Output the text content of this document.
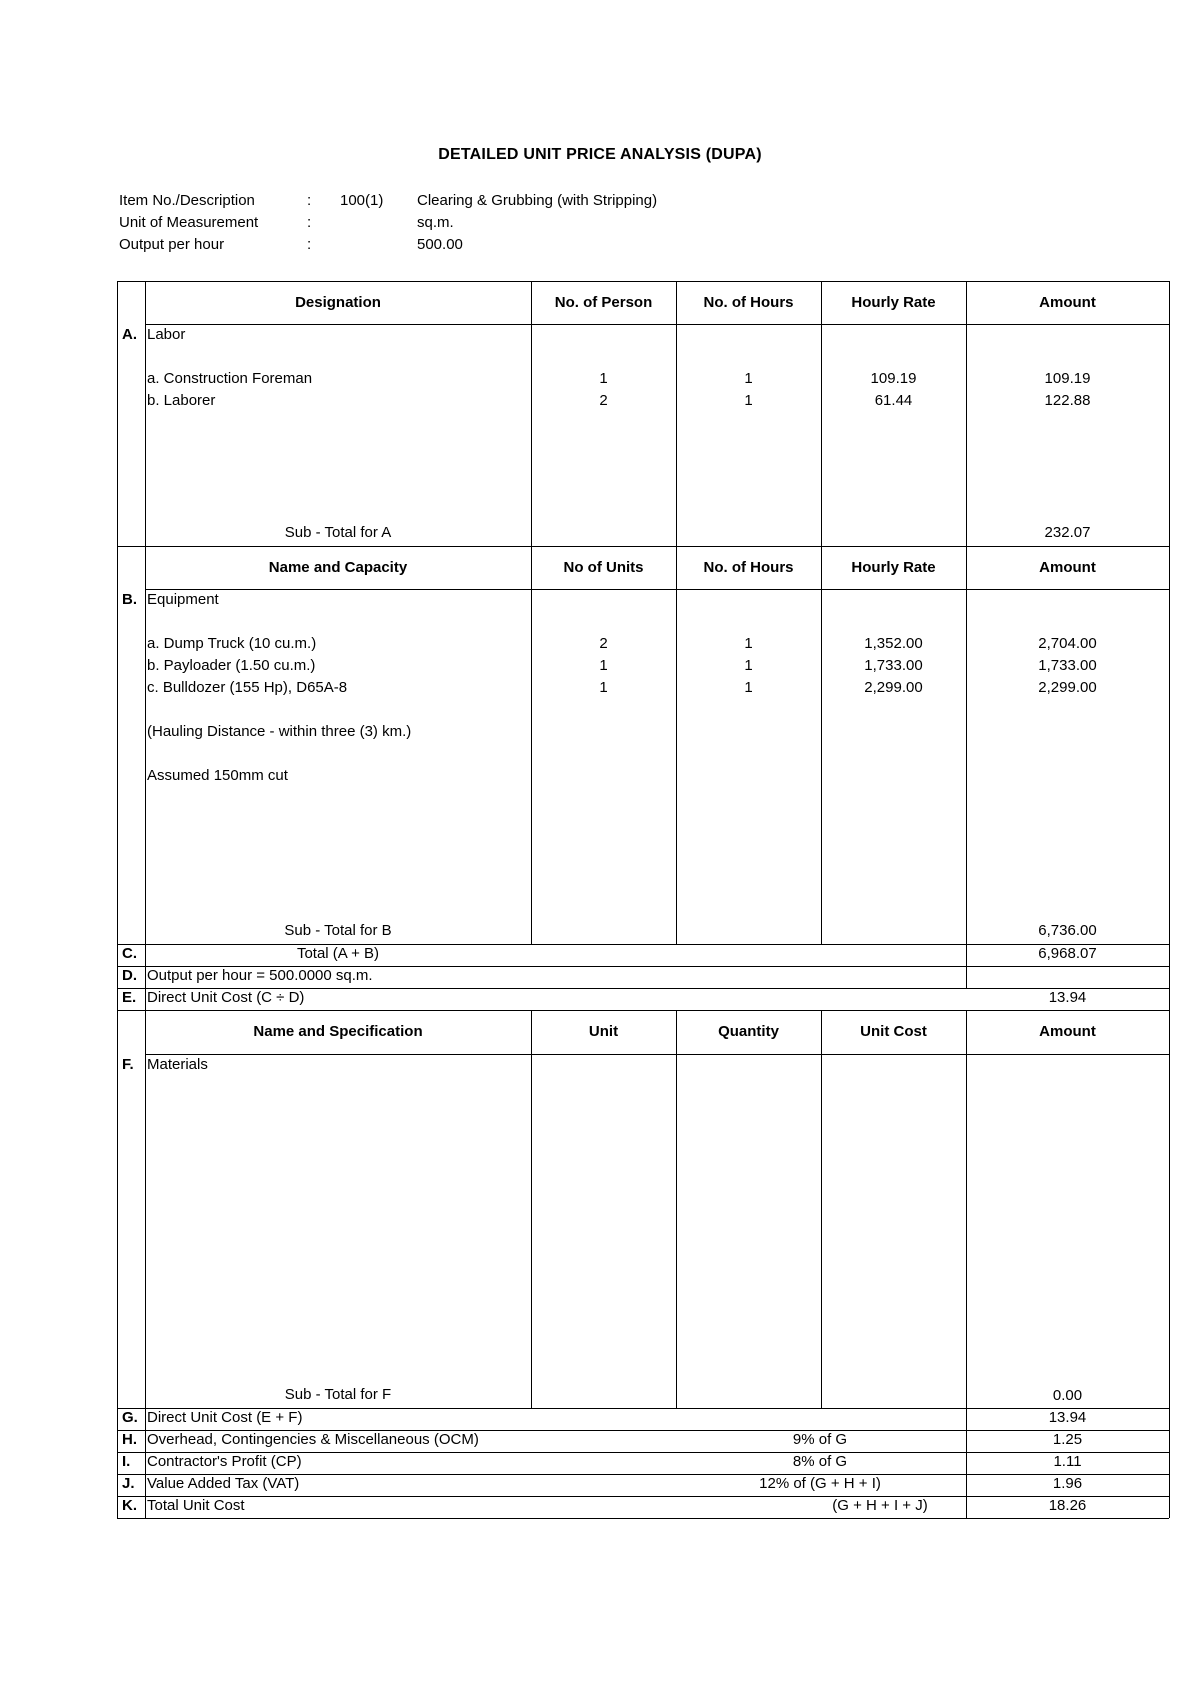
DETAILED UNIT PRICE ANALYSIS (DUPA)
Item No./Description	: 100(1) Clearing & Grubbing (with Stripping)
Unit of Measurement	:	sq.m.
Output per hour	:	500.00
Designation	No. of Person	No. of Hours	Hourly Rate	Amount
A. Labor
a. Construction Foreman	1	1	109.19	109.19
b. Laborer	2	1	61.44	122.88
Sub - Total for A	232.07
Name and Capacity	No of Units	No. of Hours	Hourly Rate	Amount
B. Equipment
a. Dump Truck (10 cu.m.)	2	1	1,352.00	2,704.00
b. Payloader (1.50 cu.m.)	1	1	1,733.00	1,733.00
c. Bulldozer (155 Hp), D65A-8	1	1	2,299.00	2,299.00
(Hauling Distance - within three (3) km.)
Assumed 150mm cut
Sub - Total for B	6,736.00
C.	Total (A + B)	6,968.07
D. Output per hour = 500.0000 sq.m.
E. Direct Unit Cost (C ÷ D)	13.94
Name and Specification	Unit	Quantity	Unit Cost	Amount
F. Materials
Sub - Total for F	0.00
G. Direct Unit Cost (E + F)	13.94
H. Overhead, Contingencies & Miscellaneous (OCM)	9% of G	1.25
I. Contractor's Profit (CP)	8% of G	1.11
J. Value Added Tax (VAT)	12% of (G + H + I)	1.96
K. Total Unit Cost	(G + H + I + J)	18.26
